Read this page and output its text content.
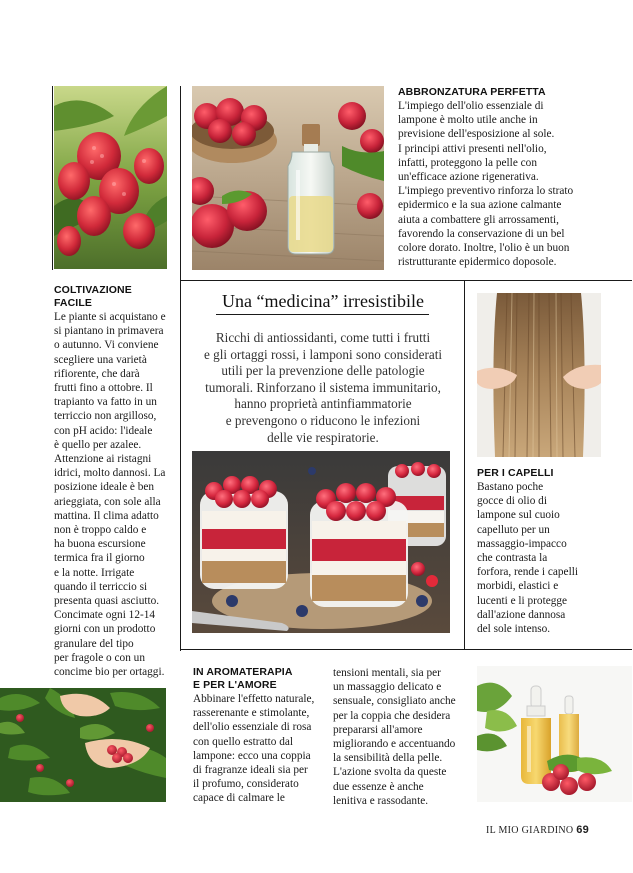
ABBRONZATURA PERFETTA
L'impiego dell'olio essenziale di
lampone è molto utile anche in
previsione dell'esposizione al sole.
I principi attivi presenti nell'olio,
infatti, proteggono la pelle con
un'efficace azione rigenerativa.
L'impiego preventivo rinforza lo strato
epidermico e la sua azione calmante
aiuta a combattere gli arrossamenti,
favorendo la conservazione di un bel
colore dorato. Inoltre, l'olio è un buon
ristrutturante epidermico doposole.
COLTIVAZIONE
FACILE
Le piante si acquistano e
si piantano in primavera
o autunno. Vi conviene
scegliere una varietà
rifiorente, che darà
frutti fino a ottobre. Il
trapianto va fatto in un
terriccio non argilloso,
con pH acido: l'ideale
è quello per azalee.
Attenzione ai ristagni
idrici, molto dannosi. La
posizione ideale è ben
arieggiata, con sole alla
mattina. Il clima adatto
non è troppo caldo e
ha buona escursione
termica fra il giorno
e la notte. Irrigate
quando il terriccio si
presenta quasi asciutto.
Concimate ogni 12-14
giorni con un prodotto
granulare del tipo
per fragole o con un
concime bio per ortaggi.
Una “medicina” irresistibile
Ricchi di antiossidanti, come tutti i frutti
e gli ortaggi rossi, i lamponi sono considerati
utili per la prevenzione delle patologie
tumorali. Rinforzano il sistema immunitario,
hanno proprietà antinfiammatorie
e prevengono o riducono le infezioni
delle vie respiratorie.
PER I CAPELLI
Bastano poche
gocce di olio di
lampone sul cuoio
capelluto per un
massaggio-impacco
che contrasta la
forfora, rende i capelli
morbidi, elastici e
lucenti e li protegge
dall'azione dannosa
del sole intenso.
IN AROMATERAPIA
E PER L'AMORE
Abbinare l'effetto naturale,
rasserenante e stimolante,
dell'olio essenziale di rosa
con quello estratto dal
lampone: ecco una coppia
di fragranze ideali sia per
il profumo, considerato
capace di calmare le
tensioni mentali, sia per
un massaggio delicato e
sensuale, consigliato anche
per la coppia che desidera
prepararsi all'amore
migliorando e accentuando
la sensibilità della pelle.
L'azione svolta da queste
due essenze è anche
lenitiva e rassodante.
IL MIO GIARDINO 69
